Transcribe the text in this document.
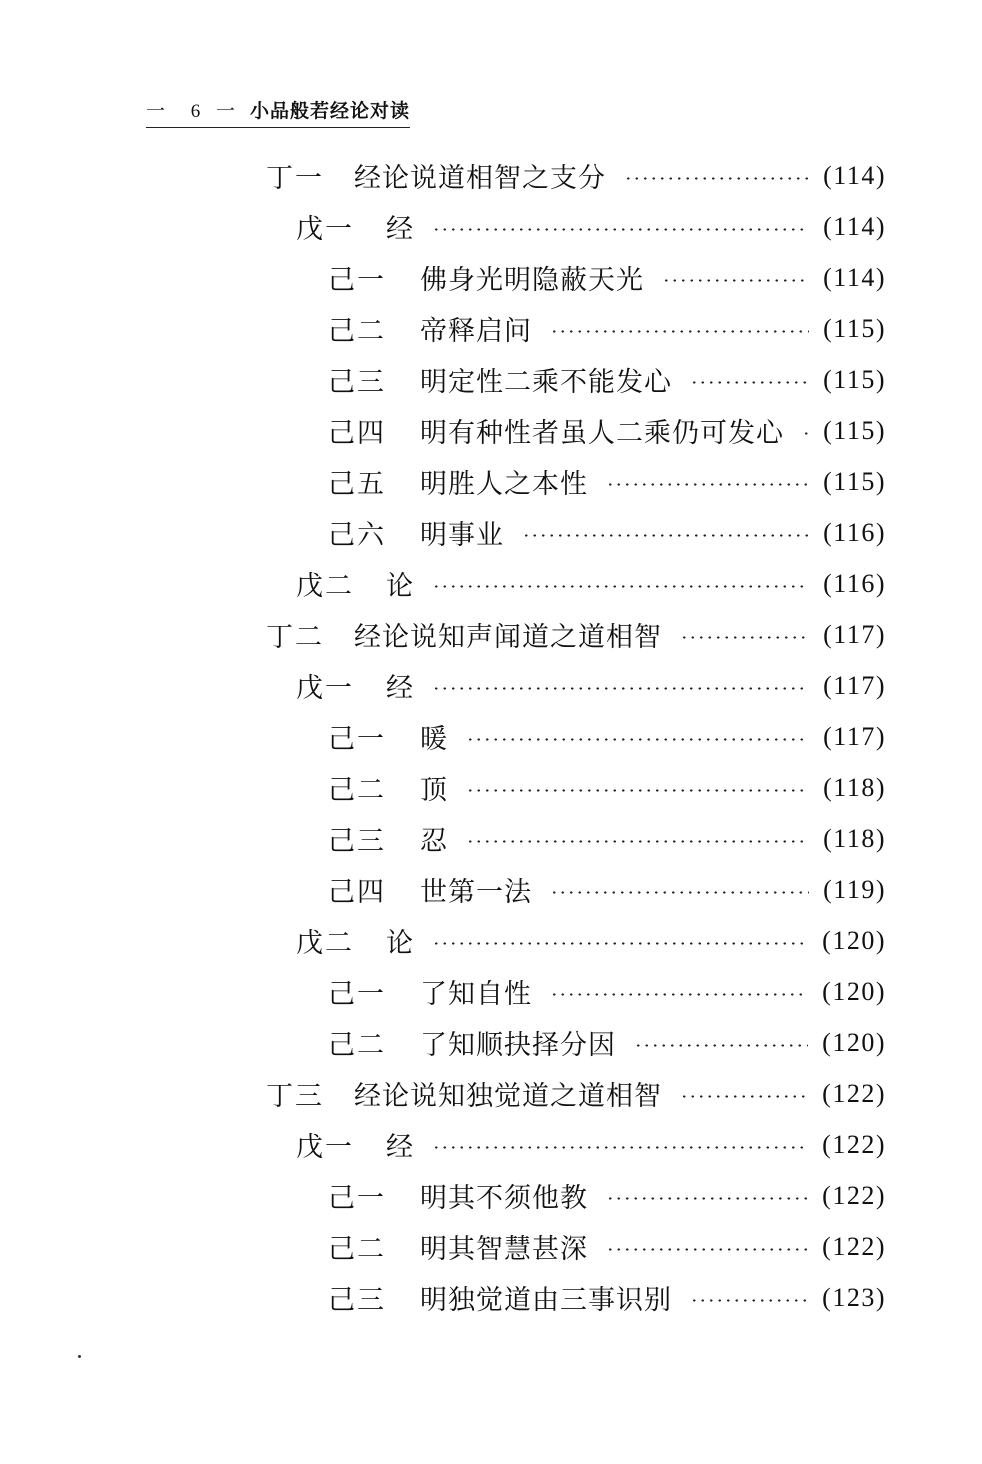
一	6 一 小品般若经论对读
丁一 经论说道相智之支分	(114)
戊一 经	(114)
己一 佛身光明隐蔽天光	(114)
己二 帝释启问	(115)
己三 明定性二乘不能发心	(115)
己四 明有种性者虽人二乘仍可发心 (115)
己五 明胜人之本性	(115)
己六 明事业	(116)
戊二 论	(116)
丁二 经论说知声闻道之道相智	(117)
戊一 经	(117)
己一 暖	(117)
己二 顶	(118)
己三 忍	(118)
己四 世第一法	(119)
戊二 论	(120)
己一 了知自性	(120)
己二 了知顺抉择分因	(120)
丁三 经论说知独觉道之道相智	(122)
戊一 经	(122)
己一 明其不须他教	(122)
己二 明其智慧甚深	(122)
己三 明独觉道由三事识别	(123)
